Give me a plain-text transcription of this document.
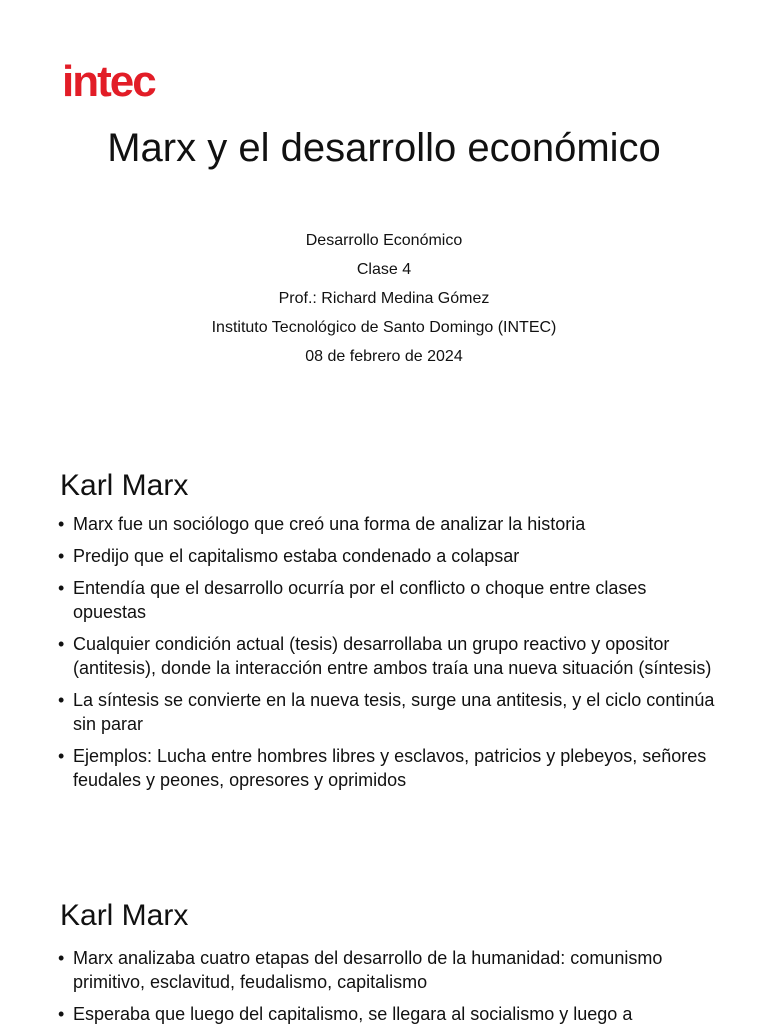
intec
Marx y el desarrollo económico
Desarrollo Económico
Clase 4
Prof.: Richard Medina Gómez
Instituto Tecnológico de Santo Domingo (INTEC)
08 de febrero de 2024
Karl Marx
• Marx fue un sociólogo que creó una forma de analizar la historia
• Predijo que el capitalismo estaba condenado a colapsar
• Entendía que el desarrollo ocurría por el conflicto o choque entre clases opuestas
• Cualquier condición actual (tesis) desarrollaba un grupo reactivo y opositor (antitesis), donde la interacción entre ambos traía una nueva situación (síntesis)
• La síntesis se convierte en la nueva tesis, surge una antitesis, y el ciclo continúa sin parar
• Ejemplos: Lucha entre hombres libres y esclavos, patricios y plebeyos, señores feudales y peones, opresores y oprimidos
Karl Marx
• Marx analizaba cuatro etapas del desarrollo de la humanidad: comunismo primitivo, esclavitud, feudalismo, capitalismo
• Esperaba que luego del capitalismo, se llegara al socialismo y luego a
